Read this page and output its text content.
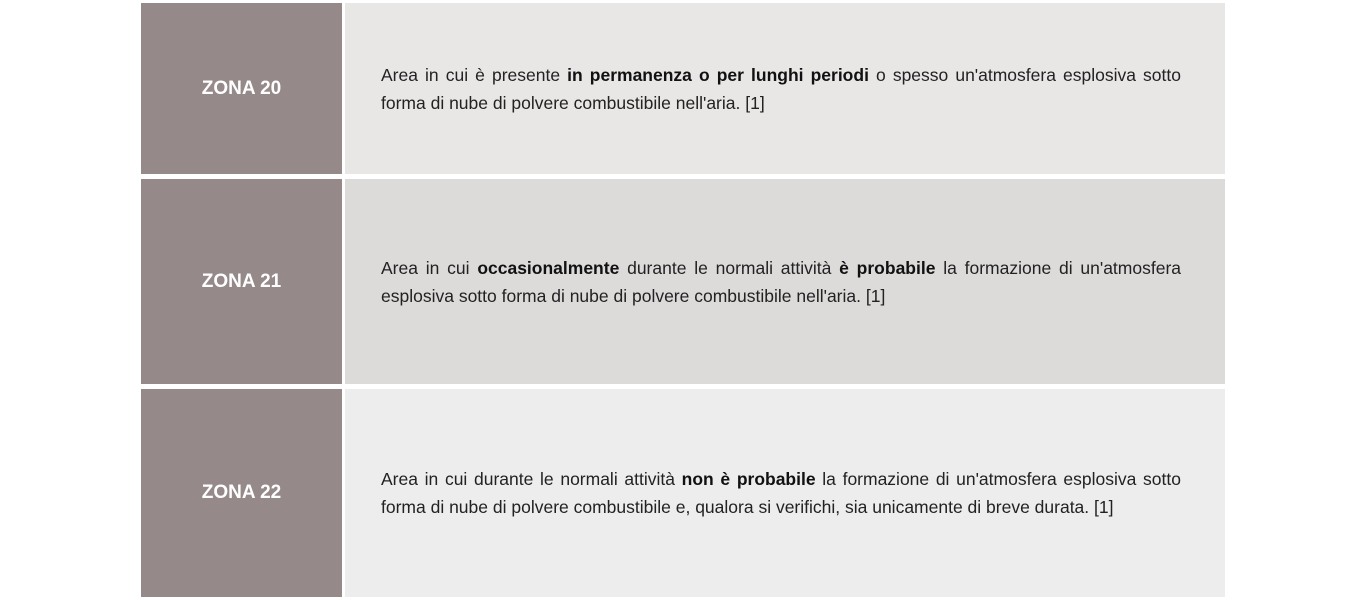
ZONA 20

Area in cui è presente in permanenza o per lunghi periodi o spesso un'atmosfera esplosiva sotto forma di nube di polvere combustibile nell'aria. [1]

ZONA 21

Area in cui occasionalmente durante le normali attività è probabile la formazione di un'atmosfera esplosiva sotto forma di nube di polvere combustibile nell'aria. [1]

ZONA 22

Area in cui durante le normali attività non è probabile la formazione di un'atmosfera esplosiva sotto forma di nube di polvere combustibile e, qualora si verifichi, sia unicamente di breve durata. [1]
